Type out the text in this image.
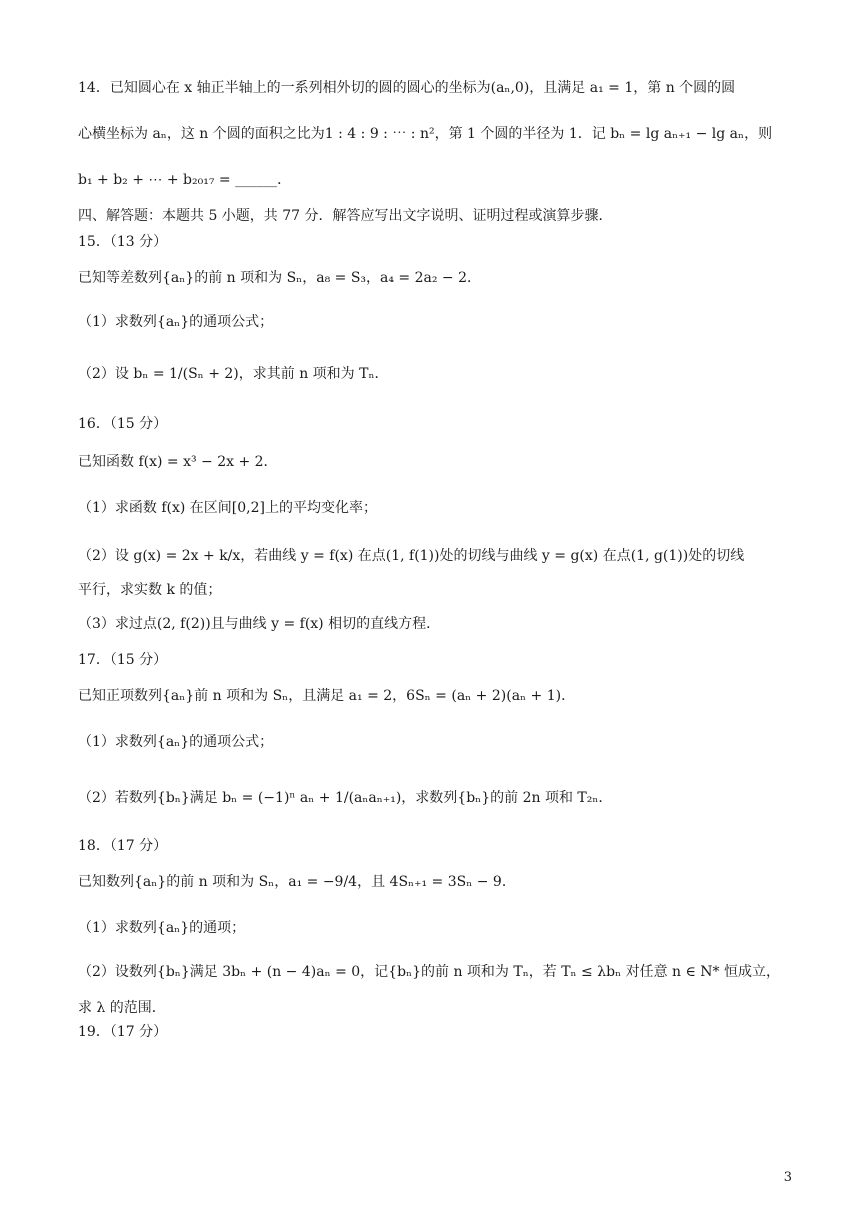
14．已知圆心在 x 轴正半轴上的一系列相外切的圆的圆心的坐标为(aₙ,0)，且满足 a₁ = 1，第 n 个圆的圆
心横坐标为 aₙ，这 n 个圆的面积之比为1 : 4 : 9 : ⋯ : n²，第 1 个圆的半径为 1．记 bₙ = lg aₙ₊₁ − lg aₙ，则
b₁ + b₂ + ⋯ + b₂₀₁₇ = ______．
四、解答题：本题共 5 小题，共 77 分．解答应写出文字说明、证明过程或演算步骤．
15．（13 分）
已知等差数列{aₙ}的前 n 项和为 Sₙ，a₈ = S₃，a₄ = 2a₂ − 2．
（1）求数列{aₙ}的通项公式；
（2）设 bₙ = 1/(Sₙ + 2)，求其前 n 项和为 Tₙ．
16．（15 分）
已知函数 f(x) = x³ − 2x + 2．
（1）求函数 f(x) 在区间[0,2]上的平均变化率；
（2）设 g(x) = 2x + k/x，若曲线 y = f(x) 在点(1, f(1))处的切线与曲线 y = g(x) 在点(1, g(1))处的切线
平行，求实数 k 的值；
（3）求过点(2, f(2))且与曲线 y = f(x) 相切的直线方程．
17．（15 分）
已知正项数列{aₙ}前 n 项和为 Sₙ，且满足 a₁ = 2，6Sₙ = (aₙ + 2)(aₙ + 1)．
（1）求数列{aₙ}的通项公式；
（2）若数列{bₙ}满足 bₙ = (−1)ⁿ aₙ + 1/(aₙaₙ₊₁)，求数列{bₙ}的前 2n 项和 T₂ₙ．
18．（17 分）
已知数列{aₙ}的前 n 项和为 Sₙ，a₁ = −9/4，且 4Sₙ₊₁ = 3Sₙ − 9．
（1）求数列{aₙ}的通项；
（2）设数列{bₙ}满足 3bₙ + (n − 4)aₙ = 0，记{bₙ}的前 n 项和为 Tₙ，若 Tₙ ≤ λbₙ 对任意 n ∈ N* 恒成立，
求 λ 的范围．
19．（17 分）
3
